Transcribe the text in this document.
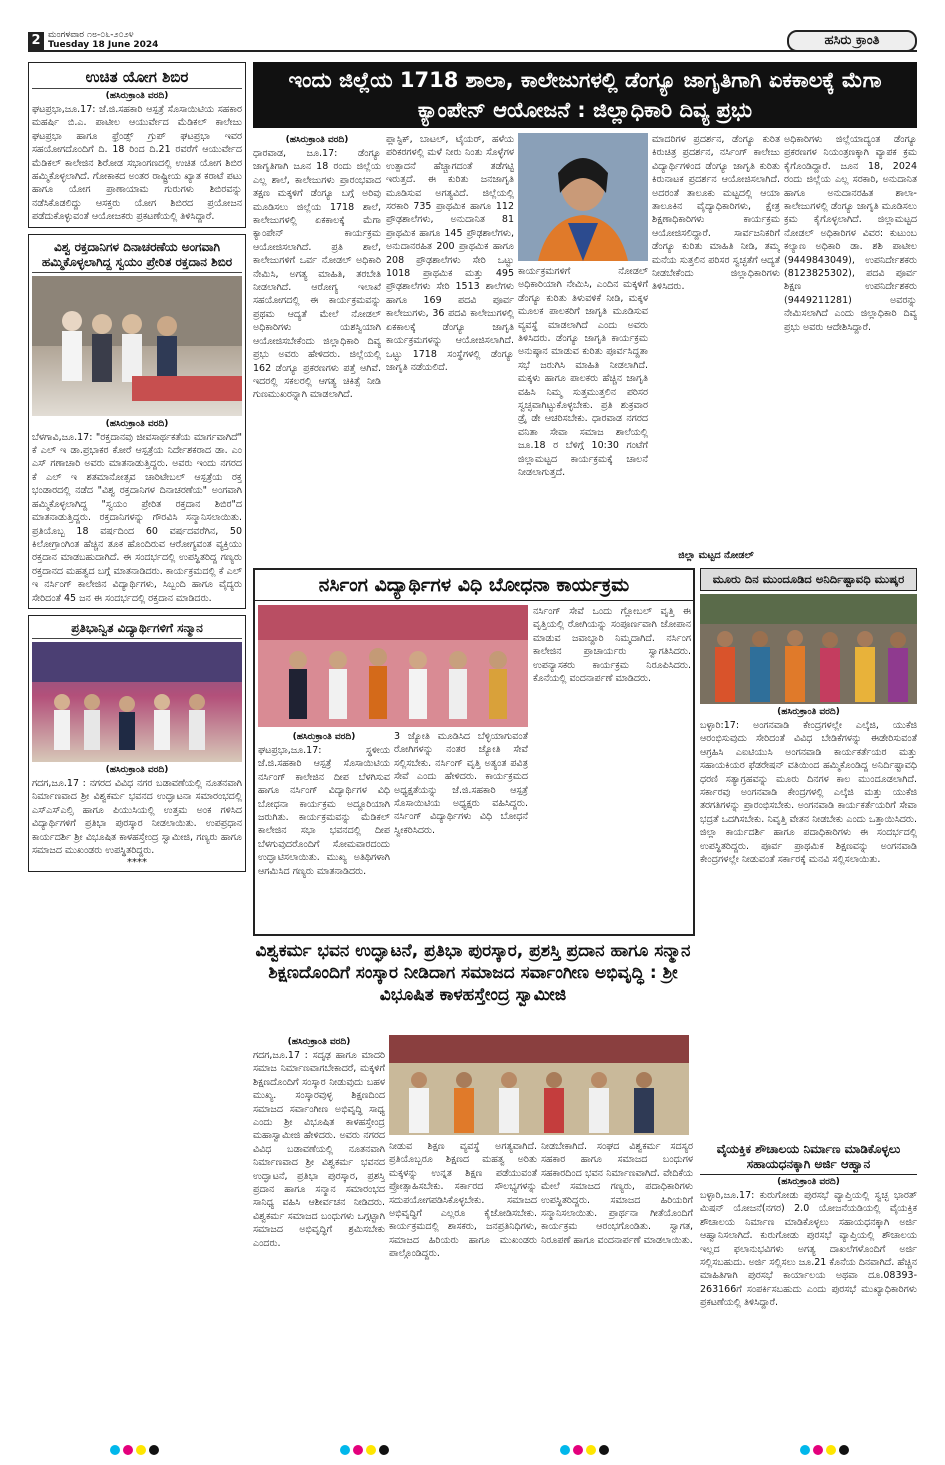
2 ಮಂಗಳವಾರ ೧೮-೦೬-೨೦೨೪
Tuesday 18 June 2024	ಹಸಿರು ಕ್ರಾಂತಿ
ಉಚಿತ ಯೋಗ ಶಿಬಿರ
(ಹಸಿರುಕ್ರಾಂತಿ ವರದಿ)
ಘಟಪ್ರಭಾ,ಜೂ.17: ಜೆ.ಜಿ.ಸಹಕಾರಿ ಆಸ್ಪತ್ರೆ ಸೊಸಾಯಿಟಿಯ ಸಹಕಾರ ಮಹರ್ಷಿ ಬಿ.ಎ. ಪಾಟೀಲ ಆಯುರ್ವೇದ ಮೆಡಿಕಲ್ ಕಾಲೇಜು ಘಟಪ್ರಭಾ ಹಾಗೂ ಫ್ರೆಂಡ್ಸ್ ಗ್ರುಪ್ ಘಟಪ್ರಭಾ ಇವರ ಸಹಯೋಗದೊಂದಿಗೆ ದಿ. 18 ರಿಂದ ದಿ.21 ರವರೆಗೆ ಆಯುರ್ವೇದ ಮೆಡಿಕಲ್ ಕಾಲೇಜಿನ ಶಿರೋಡ ಸಭಾಂಗಣದಲ್ಲಿ ಉಚಿತ ಯೋಗ ಶಿಬಿರ ಹಮ್ಮಿಕೊಳ್ಳಲಾಗಿದೆ. ಗೋಕಾಕದ ಅಂತರ ರಾಷ್ಟ್ರೀಯ ಖ್ಯಾತ ಕರಾಟೆ ಪಟು ಹಾಗೂ ಯೋಗ ಪ್ರಾಣಾಯಾಮ ಗುರುಗಳು ಶಿಬಿರವನ್ನು ನಡೆಸಿಕೊಡಲಿದ್ದು ಆಸಕ್ತರು ಯೋಗ ಶಿಬಿರದ ಪ್ರಯೋಜನ ಪಡೆದುಕೊಳ್ಳುವಂತೆ ಆಯೋಜಕರು ಪ್ರಕಟಣೆಯಲ್ಲಿ ತಿಳಿಸಿದ್ದಾರೆ.
ವಿಶ್ವ ರಕ್ತದಾನಿಗಳ ದಿನಾಚರಣೆಯ ಅಂಗವಾಗಿ ಹಮ್ಮಿಕೊಳ್ಳಲಾಗಿದ್ದ ಸ್ವಯಂ ಪ್ರೇರಿತ ರಕ್ತದಾನ ಶಿಬಿರ
(ಹಸಿರುಕ್ರಾಂತಿ ವರದಿ)
ಬೆಳಗಾವಿ,ಜೂ.17: "ರಕ್ತದಾನವು ಜೀವಸಾರ್ಥಕತೆಯ ಮಾರ್ಗವಾಗಿದೆ" ಕೆ ಎಲ್ ಇ ಡಾ.ಪ್ರಭಾಕರ ಕೋರೆ ಆಸ್ಪತ್ರೆಯ ನಿರ್ದೇಶಕರಾದ ಡಾ. ಎಂ ಎಸ್ ಗಣಾಚಾರಿ ಅವರು ಮಾತನಾಡುತ್ತಿದ್ದರು. ಅವರು ಇಂದು ನಗರದ ಕೆ ಎಲ್ ಇ ಶತಮಾನೋತ್ಸವ ಚಾರಿಟೇಬಲ್ ಆಸ್ಪತ್ರೆಯ ರಕ್ತ ಭಂಡಾರದಲ್ಲಿ ನಡೆದ "ವಿಶ್ವ ರಕ್ತದಾನಿಗಳ ದಿನಾಚರಣೆಯ" ಅಂಗವಾಗಿ ಹಮ್ಮಿಕೊಳ್ಳಲಾಗಿದ್ದ "ಸ್ವಯಂ ಪ್ರೇರಿತ ರಕ್ತದಾನ ಶಿಬಿರ"ದ ಮಾತನಾಡುತ್ತಿದ್ದರು. ರಕ್ತದಾನಿಗಳನ್ನು ಗೌರವಿಸಿ ಸನ್ಮಾನಿಸಲಾಯಿತು. ಪ್ರತಿಯೊಬ್ಬ 18 ವರ್ಷದಿಂದ 60 ವರ್ಷದವರೆಗಿನ, 50 ಕಿಲೋಗ್ರಾಂಗಿಂತ ಹೆಚ್ಚಿನ ತೂಕ ಹೊಂದಿರುವ ಆರೋಗ್ಯವಂತ ವ್ಯಕ್ತಿಯು ರಕ್ತದಾನ ಮಾಡಬಹುದಾಗಿದೆ. ಈ ಸಂದರ್ಭದಲ್ಲಿ ಉಪಸ್ಥಿತರಿದ್ದ ಗಣ್ಯರು ರಕ್ತದಾನದ ಮಹತ್ವದ ಬಗ್ಗೆ ಮಾತನಾಡಿದರು. ಕಾರ್ಯಕ್ರಮದಲ್ಲಿ ಕೆ ಎಲ್ ಇ ನರ್ಸಿಂಗ್ ಕಾಲೇಜಿನ ವಿದ್ಯಾರ್ಥಿಗಳು, ಸಿಬ್ಬಂದಿ ಹಾಗೂ ವೈದ್ಯರು ಸೇರಿದಂತೆ 45 ಜನ ಈ ಸಂದರ್ಭದಲ್ಲಿ ರಕ್ತದಾನ ಮಾಡಿದರು.
ಪ್ರತಿಭಾನ್ವಿತ ವಿದ್ಯಾರ್ಥಿಗಳಿಗೆ ಸನ್ಮಾನ
(ಹಸಿರುಕ್ರಾಂತಿ ವರದಿ)
ಗದಗ,ಜೂ.17 : ನಗರದ ವಿವಿಧ ನಗರ ಬಡಾವಣೆಯಲ್ಲಿ ನೂತನವಾಗಿ ನಿರ್ಮಾಣವಾದ ಶ್ರೀ ವಿಶ್ವಕರ್ಮ ಭವನದ ಉದ್ಘಾಟನಾ ಸಮಾರಂಭದಲ್ಲಿ ಎಸ್ಎಸ್ಎಲ್ಸಿ ಹಾಗೂ ಪಿಯುಸಿಯಲ್ಲಿ ಉತ್ತಮ ಅಂಕ ಗಳಿಸಿದ ವಿದ್ಯಾರ್ಥಿಗಳಿಗೆ ಪ್ರತಿಭಾ ಪುರಸ್ಕಾರ ನೀಡಲಾಯಿತು. ಉಪಪ್ರಧಾನ ಕಾರ್ಯದರ್ಶಿ ಶ್ರೀ ವಿಭೂಷಿತ ಕಾಳಹಸ್ತೇಂದ್ರ ಸ್ವಾಮೀಜಿ, ಗಣ್ಯರು ಹಾಗೂ ಸಮಾಜದ ಮುಖಂಡರು ಉಪಸ್ಥಿತರಿದ್ದರು.
****
ಇಂದು ಜಿಲ್ಲೆಯ 1718 ಶಾಲಾ, ಕಾಲೇಜುಗಳಲ್ಲಿ ಡೆಂಗ್ಯೂ ಜಾಗೃತಿಗಾಗಿ ಏಕಕಾಲಕ್ಕೆ ಮೆಗಾ ಕ್ಯಾಂಪೇನ್ ಆಯೋಜನೆ : ಜಿಲ್ಲಾಧಿಕಾರಿ ದಿವ್ಯ ಪ್ರಭು
(ಹಸಿರುಕ್ರಾಂತಿ ವರದಿ)
ಧಾರವಾಡ, ಜೂ.17: ಡೆಂಗ್ಯೂ ಜಾಗೃತಿಗಾಗಿ ಜೂನ 18 ರಂದು ಜಿಲ್ಲೆಯ ಎಲ್ಲ ಶಾಲೆ, ಕಾಲೇಜುಗಳು ಪ್ರಾರಂಭವಾದ ತಕ್ಷಣ ಮಕ್ಕಳಿಗೆ ಡೆಂಗ್ಯೂ ಬಗ್ಗೆ ಅರಿವು ಮೂಡಿಸಲು ಜಿಲ್ಲೆಯ 1718 ಶಾಲೆ, ಕಾಲೇಜುಗಳಲ್ಲಿ ಏಕಕಾಲಕ್ಕೆ ಮೆಗಾ ಕ್ಯಾಂಪೇನ್ ಕಾರ್ಯಕ್ರಮ ಆಯೋಜಿಸಲಾಗಿದೆ. ಪ್ರತಿ ಶಾಲೆ, ಕಾಲೇಜುಗಳಿಗೆ ಒರ್ವ ನೋಡಲ್ ಅಧಿಕಾರಿ ನೇಮಿಸಿ, ಅಗತ್ಯ ಮಾಹಿತಿ, ತರಬೇತಿ ನೀಡಲಾಗಿದೆ. ಆರೋಗ್ಯ ಇಲಾಖೆ ಸಹಯೋಗದಲ್ಲಿ ಈ ಕಾರ್ಯಕ್ರಮವನ್ನು ಪ್ರಥಮ ಆದ್ಯತೆ ಮೇಲೆ ನೋಡಲ್ ಅಧಿಕಾರಿಗಳು ಯಶಸ್ವಿಯಾಗಿ ಆಯೋಜಿಸಬೇಕೆಂದು ಜಿಲ್ಲಾಧಿಕಾರಿ ದಿವ್ಯ ಪ್ರಭು ಅವರು ಹೇಳಿದರು. ಜಿಲ್ಲೆಯಲ್ಲಿ 162 ಡೆಂಗ್ಯೂ ಪ್ರಕರಣಗಳು ಪತ್ತೆ ಆಗಿವೆ. ಇದರಲ್ಲಿ ಸಕಲರಲ್ಲಿ ಆಗತ್ಯ ಚಿಕಿತ್ಸೆ ನೀಡಿ ಗುಣಮುಖರನ್ನಾಗಿ ಮಾಡಲಾಗಿದೆ.
ಪ್ಲಾಸ್ಟಿಕ್, ಬಾಟಲ್, ಟೈಯರ್, ಹಳೆಯ ಪರಿಕರಗಳಲ್ಲಿ ಮಳೆ ನೀರು ನಿಂತು ಸೊಳ್ಳೆಗಳ ಉತ್ಪಾದನೆ ಹೆಚ್ಚಾಗದಂತೆ ತಡೆಗಟ್ಟಿ ಇರುತ್ತದೆ. ಈ ಕುರಿತು ಜನಜಾಗೃತಿ ಮೂಡಿಸುವ ಅಗತ್ಯವಿದೆ. ಜಿಲ್ಲೆಯಲ್ಲಿ ಸರಕಾರಿ 735 ಪ್ರಾಥಮಿಕ ಹಾಗೂ 112 ಪ್ರೌಢಶಾಲೆಗಳು, ಅನುದಾನಿತ 81 ಪ್ರಾಥಮಿಕ ಹಾಗೂ 145 ಪ್ರೌಢಶಾಲೆಗಳು, ಅನುದಾನರಹಿತ 200 ಪ್ರಾಥಮಿಕ ಹಾಗೂ 208 ಪ್ರೌಢಶಾಲೆಗಳು ಸೇರಿ ಒಟ್ಟು 1018 ಪ್ರಾಥಮಿಕ ಮತ್ತು 495 ಪ್ರೌಢಶಾಲೆಗಳು ಸೇರಿ 1513 ಶಾಲೆಗಳು ಹಾಗೂ 169 ಪದವಿ ಪೂರ್ವ ಕಾಲೇಜುಗಳು, 36 ಪದವಿ ಕಾಲೇಜುಗಳಲ್ಲಿ ಏಕಕಾಲಕ್ಕೆ ಡೆಂಗ್ಯೂ ಜಾಗೃತಿ ಕಾರ್ಯಕ್ರಮಗಳನ್ನು ಆಯೋಜಿಸಲಾಗಿದೆ. ಒಟ್ಟು 1718 ಸಂಸ್ಥೆಗಳಲ್ಲಿ ಡೆಂಗ್ಯೂ ಜಾಗೃತಿ ನಡೆಯಲಿದೆ.
ಕಾರ್ಯಕ್ರಮಗಳಿಗೆ ನೋಡಲ್ ಅಧಿಕಾರಿಯಾಗಿ ನೇಮಿಸಿ, ಎಂದಿನ ಮಕ್ಕಳಿಗೆ ಡೆಂಗ್ಯೂ ಕುರಿತು ತಿಳುವಳಿಕೆ ನೀಡಿ, ಮಕ್ಕಳ ಮೂಲಕ ಪಾಲಕರಿಗೆ ಜಾಗೃತಿ ಮೂಡಿಸುವ ವ್ಯವಸ್ಥೆ ಮಾಡಲಾಗಿದೆ ಎಂದು ಅವರು ತಿಳಿಸಿದರು. ಡೆಂಗ್ಯೂ ಜಾಗೃತಿ ಕಾರ್ಯಕ್ರಮ ಅನುಷ್ಠಾನ ಮಾಡುವ ಕುರಿತು ಪೂರ್ವಸಿದ್ದತಾ ಸಭೆ ಜರುಗಿಸಿ ಮಾಹಿತಿ ನೀಡಲಾಗಿದೆ. ಮಕ್ಕಳು ಹಾಗೂ ಪಾಲಕರು ಹೆಚ್ಚಿನ ಜಾಗೃತಿ ವಹಿಸಿ ನಿಮ್ಮ ಸುತ್ತಮುತ್ತಲಿನ ಪರಿಸರ ಸ್ವಚ್ಛವಾಗಿಟ್ಟುಕೊಳ್ಳಬೇಕು. ಪ್ರತಿ ಶುಕ್ರವಾರ ಡ್ರೈ ಡೇ ಆಚರಿಸಬೇಕು. ಧಾರವಾಡ ನಗರದ ವನಿತಾ ಸೇವಾ ಸಮಾಜ ಶಾಲೆಯಲ್ಲಿ ಜೂ.18 ರ ಬೆಳಿಗ್ಗೆ 10:30 ಗಂಟೆಗೆ ಜಿಲ್ಲಾಮಟ್ಟದ ಕಾರ್ಯಕ್ರಮಕ್ಕೆ ಚಾಲನೆ ನೀಡಲಾಗುತ್ತದೆ.
ಮಾದರಿಗಳ ಪ್ರದರ್ಶನ, ಡೆಂಗ್ಯೂ ಕುರಿತ ಕಿರುಚಿತ್ರ ಪ್ರದರ್ಶನ, ನರ್ಸಿಂಗ್ ಕಾಲೇಜು ವಿದ್ಯಾರ್ಥಿಗಳಿಂದ ಡೆಂಗ್ಯೂ ಜಾಗೃತಿ ಕುರಿತು ಕಿರುನಾಟಕ ಪ್ರದರ್ಶನ ಆಯೋಜಿಸಲಾಗಿದೆ. ಅದರಂತೆ ತಾಲೂಕು ಮಟ್ಟದಲ್ಲಿ ಆಯಾ ತಾಲೂಕಿನ ವೈದ್ಯಾಧಿಕಾರಿಗಳು, ಕ್ಷೇತ್ರ ಶಿಕ್ಷಣಾಧಿಕಾರಿಗಳು ಕಾರ್ಯಕ್ರಮ ಆಯೋಜಿಸಲಿದ್ದಾರೆ. ಸಾರ್ವಜನಿಕರಿಗೆ ಡೆಂಗ್ಯೂ ಕುರಿತು ಮಾಹಿತಿ ನೀಡಿ, ತಮ್ಮ ಮನೆಯ ಸುತ್ತಲಿನ ಪರಿಸರ ಸ್ವಚ್ಛತೆಗೆ ಆದ್ಯತೆ ನೀಡಬೇಕೆಂದು ಜಿಲ್ಲಾಧಿಕಾರಿಗಳು ತಿಳಿಸಿದರು.
ಅಧಿಕಾರಿಗಳು ಜಿಲ್ಲೆಯಾದ್ಯಂತ ಡೆಂಗ್ಯೂ ಪ್ರಕರಣಗಳ ನಿಯಂತ್ರಣಕ್ಕಾಗಿ ವ್ಯಾಪಕ ಕ್ರಮ ಕೈಗೊಂಡಿದ್ದಾರೆ. ಜೂನ 18, 2024 ರಂದು ಜಿಲ್ಲೆಯ ಎಲ್ಲ ಸರಕಾರಿ, ಅನುದಾನಿತ ಹಾಗೂ ಅನುದಾನರಹಿತ ಶಾಲಾ-ಕಾಲೇಜುಗಳಲ್ಲಿ ಡೆಂಗ್ಯೂ ಜಾಗೃತಿ ಮೂಡಿಸಲು ಕ್ರಮ ಕೈಗೊಳ್ಳಲಾಗಿದೆ. ಜಿಲ್ಲಾಮಟ್ಟದ ನೋಡಲ್ ಅಧಿಕಾರಿಗಳ ವಿವರ: ಕುಟುಂಬ ಕಲ್ಯಾಣ ಅಧಿಕಾರಿ ಡಾ. ಶಶಿ ಪಾಟೀಲ (9449843049), ಉಪನಿರ್ದೇಶಕರು (8123825302), ಪದವಿ ಪೂರ್ವ ಶಿಕ್ಷಣ ಉಪನಿರ್ದೇಶಕರು (9449211281) ಅವರನ್ನು ನೇಮಿಸಲಾಗಿದೆ ಎಂದು ಜಿಲ್ಲಾಧಿಕಾರಿ ದಿವ್ಯ ಪ್ರಭು ಅವರು ಆದೇಶಿಸಿದ್ದಾರೆ.
ಜಿಲ್ಲಾ ಮಟ್ಟದ ನೋಡಲ್
ನರ್ಸಿಂಗ ವಿದ್ಯಾರ್ಥಿಗಳ ವಿಧಿ ಬೋಧನಾ ಕಾರ್ಯಕ್ರಮ
ನರ್ಸಿಂಗ್ ಸೇವೆ ಒಂದು ಗ್ಲೋಬಲ್ ವೃತ್ತಿ ಈ ವೃತ್ತಿಯಲ್ಲಿ ರೋಗಿಯನ್ನು ಸಂಪೂರ್ಣವಾಗಿ ಜೋಪಾನ ಮಾಡುವ ಜವಾಬ್ದಾರಿ ನಿಮ್ಮದಾಗಿದೆ. ನರ್ಸಿಂಗ ಕಾಲೇಜಿನ ಪ್ರಾಚಾರ್ಯರು ಸ್ವಾಗತಿಸಿದರು. ಉಪನ್ಯಾಸಕರು ಕಾರ್ಯಕ್ರಮ ನಿರೂಪಿಸಿದರು. ಕೊನೆಯಲ್ಲಿ ವಂದನಾರ್ಪಣೆ ಮಾಡಿದರು.
(ಹಸಿರುಕ್ರಾಂತಿ ವರದಿ)
ಘಟಪ್ರಭಾ,ಜೂ.17: ಸ್ಥಳೀಯ ಜೆ.ಜಿ.ಸಹಕಾರಿ ಆಸ್ಪತ್ರೆ ಸೊಸಾಯಿಟಿಯ ನರ್ಸಿಂಗ್ ಕಾಲೇಜಿನ ದೀಪ ಬೆಳಗಿಸುವ ಹಾಗೂ ನರ್ಸಿಂಗ್ ವಿದ್ಯಾರ್ಥಿಗಳ ವಿಧಿ ಬೋಧನಾ ಕಾರ್ಯಕ್ರಮ ಅದ್ದೂರಿಯಾಗಿ ಜರುಗಿತು. ಕಾರ್ಯಕ್ರಮವನ್ನು ಮೆಡಿಕಲ್ ಕಾಲೇಜಿನ ಸಭಾ ಭವನದಲ್ಲಿ ದೀಪ ಬೆಳಗುವುದರೊಂದಿಗೆ ಸೋಮವಾರದಂದು ಉದ್ಘಾಟಿಸಲಾಯಿತು. ಮುಖ್ಯ ಅತಿಥಿಗಳಾಗಿ ಆಗಮಿಸಿದ ಗಣ್ಯರು ಮಾತನಾಡಿದರು.
3 ಜ್ಯೋತಿ ಮೂಡಿಸಿದ ಬೆಳ್ಳಿಯಾಗುವಂತೆ ರೋಗಿಗಳನ್ನು ನಂತರ ಜ್ಯೋತಿ ಸೇವೆ ಸಲ್ಲಿಸಬೇಕು. ನರ್ಸಿಂಗ್ ವೃತ್ತಿ ಅತ್ಯಂತ ಪವಿತ್ರ ಸೇವೆ ಎಂದು ಹೇಳಿದರು. ಕಾರ್ಯಕ್ರಮದ ಅಧ್ಯಕ್ಷತೆಯನ್ನು ಜೆ.ಜಿ.ಸಹಕಾರಿ ಆಸ್ಪತ್ರೆ ಸೊಸಾಯಿಟಿಯ ಅಧ್ಯಕ್ಷರು ವಹಿಸಿದ್ದರು. ನರ್ಸಿಂಗ್ ವಿದ್ಯಾರ್ಥಿಗಳು ವಿಧಿ ಬೋಧನೆ ಸ್ವೀಕರಿಸಿದರು.
ಮೂರು ದಿನ ಮುಂದೂಡಿದ ಅನಿರ್ದಿಷ್ಟಾವಧಿ ಮುಷ್ಕರ
(ಹಸಿರುಕ್ರಾಂತಿ ವರದಿ)
ಬಳ್ಳಾರಿ:17: ಅಂಗನವಾಡಿ ಕೇಂದ್ರಗಳಲ್ಲೇ ಎಲ್ಕೆಜಿ, ಯುಕೆಜಿ ಆರಂಭಿಸುವುದು ಸೇರಿದಂತೆ ವಿವಿಧ ಬೇಡಿಕೆಗಳನ್ನು ಈಡೇರಿಸುವಂತೆ ಆಗ್ರಹಿಸಿ ಎಐಟಿಯುಸಿ ಅಂಗನವಾಡಿ ಕಾರ್ಯಕರ್ತೆಯರ ಮತ್ತು ಸಹಾಯಕಿಯರ ಫೆಡರೇಷನ್ ವತಿಯಿಂದ ಹಮ್ಮಿಕೊಂಡಿದ್ದ ಅನಿರ್ದಿಷ್ಟಾವಧಿ ಧರಣಿ ಸತ್ಯಾಗ್ರಹವನ್ನು ಮೂರು ದಿನಗಳ ಕಾಲ ಮುಂದೂಡಲಾಗಿದೆ. ಸರ್ಕಾರವು ಅಂಗನವಾಡಿ ಕೇಂದ್ರಗಳಲ್ಲಿ ಎಲ್ಕೆಜಿ ಮತ್ತು ಯುಕೆಜಿ ತರಗತಿಗಳನ್ನು ಪ್ರಾರಂಭಿಸಬೇಕು. ಅಂಗನವಾಡಿ ಕಾರ್ಯಕರ್ತೆಯರಿಗೆ ಸೇವಾ ಭದ್ರತೆ ಒದಗಿಸಬೇಕು. ನಿವೃತ್ತಿ ವೇತನ ನೀಡಬೇಕು ಎಂದು ಒತ್ತಾಯಿಸಿದರು. ಜಿಲ್ಲಾ ಕಾರ್ಯದರ್ಶಿ ಹಾಗೂ ಪದಾಧಿಕಾರಿಗಳು ಈ ಸಂದರ್ಭದಲ್ಲಿ ಉಪಸ್ಥಿತರಿದ್ದರು. ಪೂರ್ವ ಪ್ರಾಥಮಿಕ ಶಿಕ್ಷಣವನ್ನು ಅಂಗನವಾಡಿ ಕೇಂದ್ರಗಳಲ್ಲೇ ನೀಡುವಂತೆ ಸರ್ಕಾರಕ್ಕೆ ಮನವಿ ಸಲ್ಲಿಸಲಾಯಿತು.
ವಿಶ್ವಕರ್ಮ ಭವನ ಉದ್ಘಾಟನೆ, ಪ್ರತಿಭಾ ಪುರಸ್ಕಾರ, ಪ್ರಶಸ್ತಿ ಪ್ರದಾನ ಹಾಗೂ ಸನ್ಮಾನ ಶಿಕ್ಷಣದೊಂದಿಗೆ ಸಂಸ್ಕಾರ ನೀಡಿದಾಗ ಸಮಾಜದ ಸರ್ವಾಂಗೀಣ ಅಭಿವೃದ್ಧಿ : ಶ್ರೀ ವಿಭೂಷಿತ ಕಾಳಹಸ್ತೇಂದ್ರ ಸ್ವಾಮೀಜಿ
(ಹಸಿರುಕ್ರಾಂತಿ ವರದಿ)
ಗದಗ,ಜೂ.17 : ಸದೃಢ ಹಾಗೂ ಮಾದರಿ ಸಮಾಜ ನಿರ್ಮಾಣವಾಗಬೇಕಾದರೆ, ಮಕ್ಕಳಿಗೆ ಶಿಕ್ಷಣದೊಂದಿಗೆ ಸಂಸ್ಕಾರ ನೀಡುವುದು ಬಹಳ ಮುಖ್ಯ. ಸಂಸ್ಕಾರವುಳ್ಳ ಶಿಕ್ಷಣದಿಂದ ಸಮಾಜದ ಸರ್ವಾಂಗೀಣ ಅಭಿವೃದ್ಧಿ ಸಾಧ್ಯ ಎಂದು ಶ್ರೀ ವಿಭೂಷಿತ ಕಾಳಹಸ್ತೇಂದ್ರ ಮಹಾಸ್ವಾಮೀಜಿ ಹೇಳಿದರು. ಅವರು ನಗರದ ವಿವಿಧ ಬಡಾವಣೆಯಲ್ಲಿ ನೂತನವಾಗಿ ನಿರ್ಮಾಣವಾದ ಶ್ರೀ ವಿಶ್ವಕರ್ಮ ಭವನದ ಉದ್ಘಾಟನೆ, ಪ್ರತಿಭಾ ಪುರಸ್ಕಾರ, ಪ್ರಶಸ್ತಿ ಪ್ರದಾನ ಹಾಗೂ ಸನ್ಮಾನ ಸಮಾರಂಭದ ಸಾನಿಧ್ಯ ವಹಿಸಿ ಆಶೀರ್ವಚನ ನೀಡಿದರು. ವಿಶ್ವಕರ್ಮ ಸಮಾಜದ ಬಂಧುಗಳು ಒಗ್ಗಟ್ಟಾಗಿ ಸಮಾಜದ ಅಭಿವೃದ್ಧಿಗೆ ಶ್ರಮಿಸಬೇಕು ಎಂದರು.
ನೀಡುವ ಶಿಕ್ಷಣ ವ್ಯವಸ್ಥೆ ಅಗತ್ಯವಾಗಿದೆ. ಪ್ರತಿಯೊಬ್ಬರೂ ಶಿಕ್ಷಣದ ಮಹತ್ವ ಅರಿತು ಮಕ್ಕಳನ್ನು ಉನ್ನತ ಶಿಕ್ಷಣ ಪಡೆಯುವಂತೆ ಪ್ರೋತ್ಸಾಹಿಸಬೇಕು. ಸರ್ಕಾರದ ಸೌಲಭ್ಯಗಳನ್ನು ಸದುಪಯೋಗಪಡಿಸಿಕೊಳ್ಳಬೇಕು. ಸಮಾಜದ ಅಭಿವೃದ್ಧಿಗೆ ಎಲ್ಲರೂ ಕೈಜೋಡಿಸಬೇಕು. ಕಾರ್ಯಕ್ರಮದಲ್ಲಿ ಶಾಸಕರು, ಜನಪ್ರತಿನಿಧಿಗಳು, ಸಮಾಜದ ಹಿರಿಯರು ಹಾಗೂ ಮುಖಂಡರು ಪಾಲ್ಗೊಂಡಿದ್ದರು.
ನೀಡಬೇಕಾಗಿದೆ. ಸಂಘದ ವಿಶ್ವಕರ್ಮ ಸದಸ್ಯರ ಸಹಕಾರ ಹಾಗೂ ಸಮಾಜದ ಬಂಧುಗಳ ಸಹಕಾರದಿಂದ ಭವನ ನಿರ್ಮಾಣವಾಗಿದೆ. ವೇದಿಕೆಯ ಮೇಲೆ ಸಮಾಜದ ಗಣ್ಯರು, ಪದಾಧಿಕಾರಿಗಳು ಉಪಸ್ಥಿತರಿದ್ದರು. ಸಮಾಜದ ಹಿರಿಯರಿಗೆ ಸನ್ಮಾನಿಸಲಾಯಿತು. ಪ್ರಾರ್ಥನಾ ಗೀತೆಯೊಂದಿಗೆ ಕಾರ್ಯಕ್ರಮ ಆರಂಭಗೊಂಡಿತು. ಸ್ವಾಗತ, ನಿರೂಪಣೆ ಹಾಗೂ ವಂದನಾರ್ಪಣೆ ಮಾಡಲಾಯಿತು.
ವೈಯಕ್ತಿಕ ಶೌಚಾಲಯ ನಿರ್ಮಾಣ ಮಾಡಿಕೊಳ್ಳಲು ಸಹಾಯಧನಕ್ಕಾಗಿ ಅರ್ಜಿ ಆಹ್ವಾನ
(ಹಸಿರುಕ್ರಾಂತಿ ವರದಿ)
ಬಳ್ಳಾರಿ,ಜೂ.17: ಕುರುಗೋಡು ಪುರಸಭೆ ವ್ಯಾಪ್ತಿಯಲ್ಲಿ ಸ್ವಚ್ಛ ಭಾರತ್ ಮಿಷನ್ ಯೋಜನೆ(ನಗರ) 2.0 ಯೋಜನೆಯಡಿಯಲ್ಲಿ ವೈಯಕ್ತಿಕ ಶೌಚಾಲಯ ನಿರ್ಮಾಣ ಮಾಡಿಕೊಳ್ಳಲು ಸಹಾಯಧನಕ್ಕಾಗಿ ಅರ್ಜಿ ಆಹ್ವಾನಿಸಲಾಗಿದೆ. ಕುರುಗೋಡು ಪುರಸಭೆ ವ್ಯಾಪ್ತಿಯಲ್ಲಿ ಶೌಚಾಲಯ ಇಲ್ಲದ ಫಲಾನುಭವಿಗಳು ಅಗತ್ಯ ದಾಖಲೆಗಳೊಂದಿಗೆ ಅರ್ಜಿ ಸಲ್ಲಿಸಬಹುದು. ಅರ್ಜಿ ಸಲ್ಲಿಸಲು ಜೂ.21 ಕೊನೆಯ ದಿನವಾಗಿದೆ. ಹೆಚ್ಚಿನ ಮಾಹಿತಿಗಾಗಿ ಪುರಸಭೆ ಕಾರ್ಯಾಲಯ ಅಥವಾ ದೂ.08393-263166ಗೆ ಸಂಪರ್ಕಿಸಬಹುದು ಎಂದು ಪುರಸಭೆ ಮುಖ್ಯಾಧಿಕಾರಿಗಳು ಪ್ರಕಟಣೆಯಲ್ಲಿ ತಿಳಿಸಿದ್ದಾರೆ.
